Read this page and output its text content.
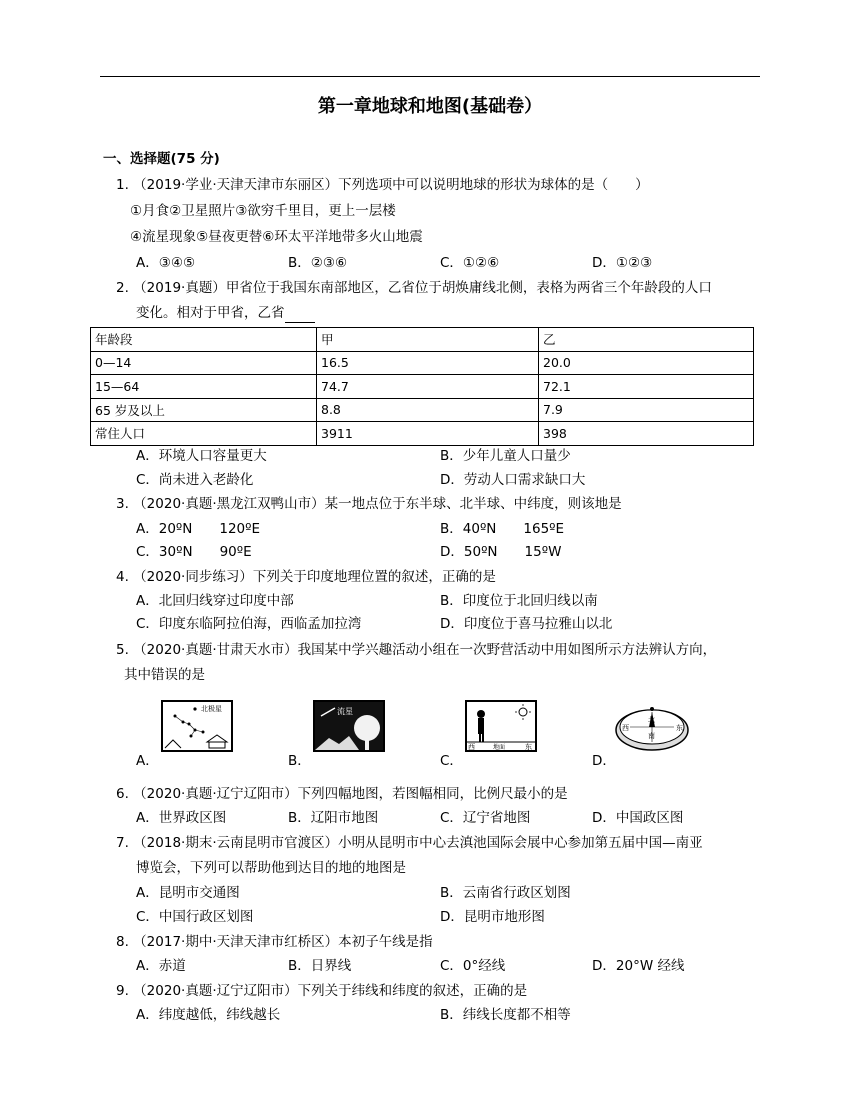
第一章地球和地图(基础卷）
一、选择题(75 分)
1. （2019·学业·天津天津市东丽区）下列选项中可以说明地球的形状为球体的是（　　）
①月食②卫星照片③欲穷千里目，更上一层楼
④流星现象⑤昼夜更替⑥环太平洋地带多火山地震
A．③④⑤	B．②③⑥	C．①②⑥	D．①②③
2. （2019·真题）甲省位于我国东南部地区，乙省位于胡焕庸线北侧，表格为两省三个年龄段的人口
变化。相对于甲省，乙省
年龄段	甲	乙
0—14	16.5	20.0
15—64	74.7	72.1
65 岁及以上	8.8	7.9
常住人口	3911	398
A．环境人口容量更大	B．少年儿童人口量少
C．尚未进入老龄化	D．劳动人口需求缺口大
3. （2020·真题·黑龙江双鸭山市）某一地点位于东半球、北半球、中纬度，则该地是
A．20ºN　　120ºE	B．40ºN　　165ºE
C．30ºN　　90ºE	D．50ºN　　15ºW
4. （2020·同步练习）下列关于印度地理位置的叙述，正确的是
A．北回归线穿过印度中部	B．印度位于北回归线以南
C．印度东临阿拉伯海，西临孟加拉湾	D．印度位于喜马拉雅山以北
5. （2020·真题·甘肃天水市）我国某中学兴趣活动小组在一次野营活动中用如图所示方法辨认方向，
其中错误的是
A．	B．	C．	D．
北极星	流星
西	地面	东
北
南
西	东
6. （2020·真题·辽宁辽阳市）下列四幅地图，若图幅相同，比例尺最小的是
A．世界政区图	B．辽阳市地图	C．辽宁省地图	D．中国政区图
7. （2018·期末·云南昆明市官渡区）小明从昆明市中心去滇池国际会展中心参加第五届中国—南亚
博览会，下列可以帮助他到达目的地的地图是
A．昆明市交通图	B．云南省行政区划图
C．中国行政区划图	D．昆明市地形图
8. （2017·期中·天津天津市红桥区）本初子午线是指
A．赤道	B．日界线	C．0°经线	D．20°W 经线
9. （2020·真题·辽宁辽阳市）下列关于纬线和纬度的叙述，正确的是
A．纬度越低，纬线越长	B．纬线长度都不相等
